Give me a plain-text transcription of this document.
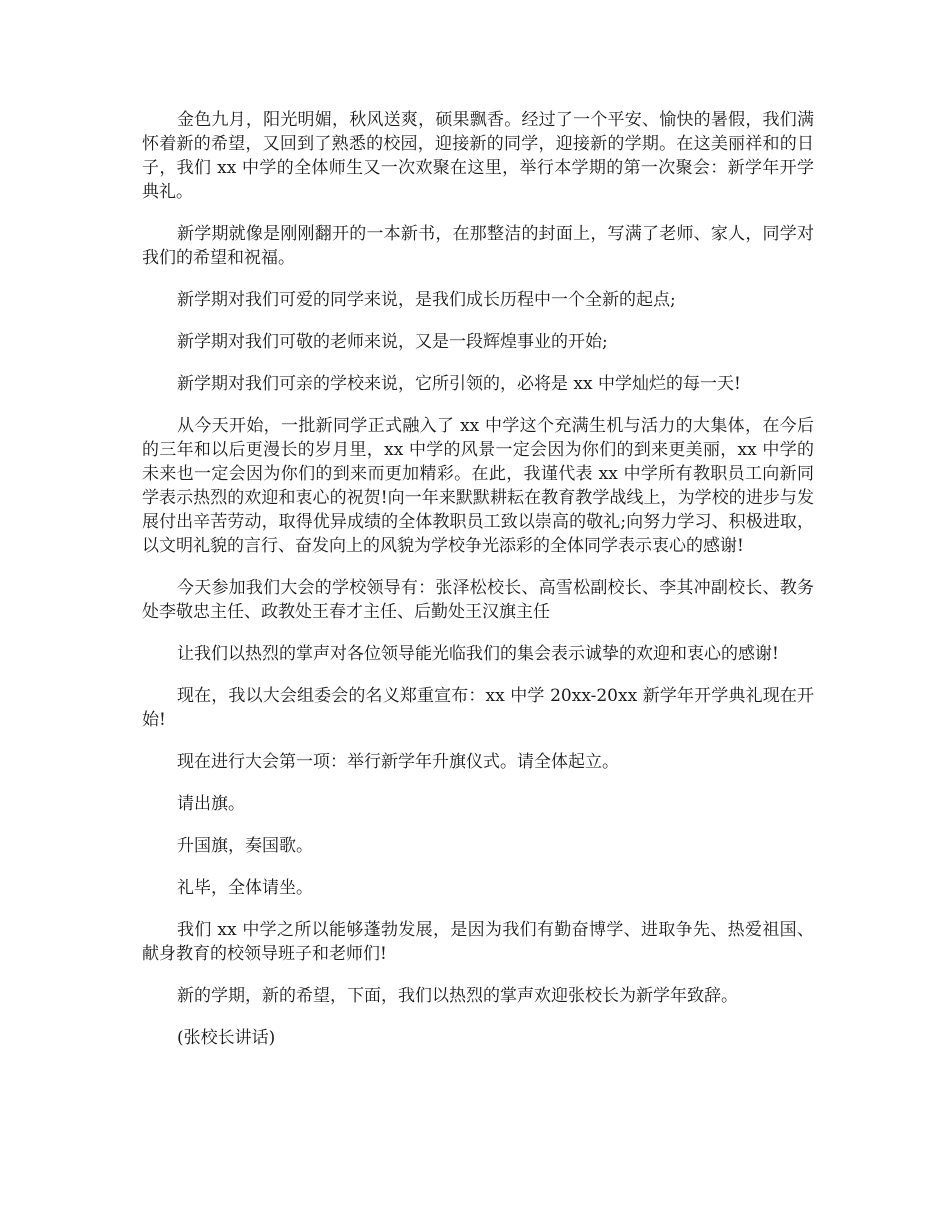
金色九月，阳光明媚，秋风送爽，硕果飘香。经过了一个平安、愉快的暑假，我们满怀着新的希望，又回到了熟悉的校园，迎接新的同学，迎接新的学期。在这美丽祥和的日子，我们 xx 中学的全体师生又一次欢聚在这里，举行本学期的第一次聚会：新学年开学典礼。

新学期就像是刚刚翻开的一本新书，在那整洁的封面上，写满了老师、家人，同学对我们的希望和祝福。

新学期对我们可爱的同学来说，是我们成长历程中一个全新的起点;

新学期对我们可敬的老师来说，又是一段辉煌事业的开始;

新学期对我们可亲的学校来说，它所引领的，必将是 xx 中学灿烂的每一天!

从今天开始，一批新同学正式融入了 xx 中学这个充满生机与活力的大集体，在今后的三年和以后更漫长的岁月里，xx 中学的风景一定会因为你们的到来更美丽，xx 中学的未来也一定会因为你们的到来而更加精彩。在此，我谨代表 xx 中学所有教职员工向新同学表示热烈的欢迎和衷心的祝贺!向一年来默默耕耘在教育教学战线上，为学校的进步与发展付出辛苦劳动，取得优异成绩的全体教职员工致以崇高的敬礼;向努力学习、积极进取，以文明礼貌的言行、奋发向上的风貌为学校争光添彩的全体同学表示衷心的感谢!

今天参加我们大会的学校领导有：张泽松校长、高雪松副校长、李其冲副校长、教务处李敬忠主任、政教处王春才主任、后勤处王汉旗主任

让我们以热烈的掌声对各位领导能光临我们的集会表示诚挚的欢迎和衷心的感谢!

现在，我以大会组委会的名义郑重宣布：xx 中学 20xx-20xx 新学年开学典礼现在开始!

现在进行大会第一项：举行新学年升旗仪式。请全体起立。

请出旗。

升国旗，奏国歌。

礼毕，全体请坐。

我们 xx 中学之所以能够蓬勃发展，是因为我们有勤奋博学、进取争先、热爱祖国、献身教育的校领导班子和老师们!

新的学期，新的希望，下面，我们以热烈的掌声欢迎张校长为新学年致辞。

(张校长讲话)
